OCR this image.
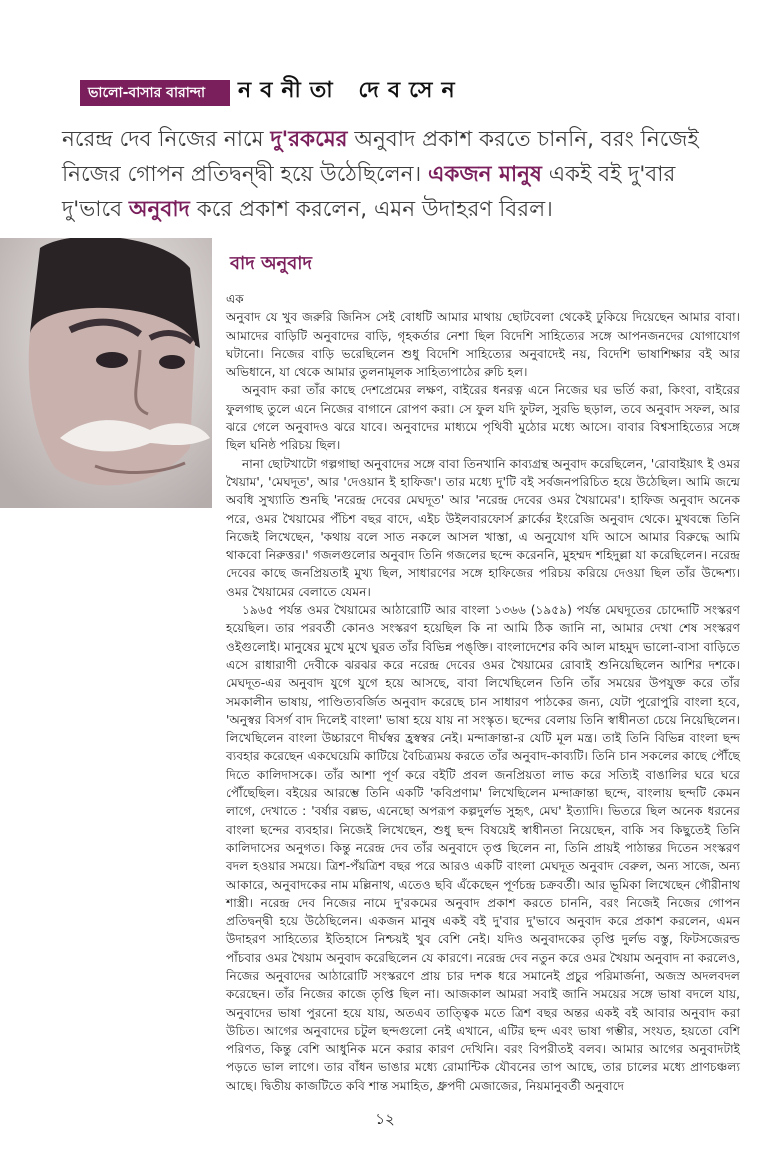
ভালো-বাসার বারান্দা নবনীতা দেবসেন
নরেন্দ্র দেব নিজের নামে দু'রকমের অনুবাদ প্রকাশ করতে চাননি, বরং নিজেই নিজের গোপন প্রতিদ্বন্দ্বী হয়ে উঠেছিলেন। একজন মানুষ একই বই দু'বার দু'ভাবে অনুবাদ করে প্রকাশ করলেন, এমন উদাহরণ বিরল।
বাদ অনুবাদ

এক

অনুবাদ যে খুব জরুরি জিনিস সেই বোধটি আমার মাথায় ছোটবেলা থেকেই ঢুকিয়ে দিয়েছেন আমার বাবা। আমাদের বাড়িটি অনুবাদের বাড়ি, গৃহকর্তার নেশা ছিল বিদেশি সাহিত্যের সঙ্গে আপনজনদের যোগাযোগ ঘটানো। নিজের বাড়ি ভরেছিলেন শুধু বিদেশি সাহিত্যের অনুবাদেই নয়, বিদেশি ভাষাশিক্ষার বই আর অভিধানে, যা থেকে আমার তুলনামূলক সাহিত্যপাঠের রুচি হল।

অনুবাদ করা তাঁর কাছে দেশপ্রেমের লক্ষণ, বাইরের ধনরত্ন এনে নিজের ঘর ভর্তি করা, কিংবা, বাইরের ফুলগাছ তুলে এনে নিজের বাগানে রোপণ করা। সে ফুল যদি ফুটল, সুরভি ছড়াল, তবে অনুবাদ সফল, আর ঝরে গেলে অনুবাদও ঝরে যাবে। অনুবাদের মাধ্যমে পৃথিবী মুঠোর মধ্যে আসে। বাবার বিশ্বসাহিত্যের সঙ্গে ছিল ঘনিষ্ঠ পরিচয় ছিল।

নানা ছোটখাটো গল্পগাছা অনুবাদের সঙ্গে বাবা তিনখানি কাব্যগ্রন্থ অনুবাদ করেছিলেন, 'রোবাইয়াৎ ই ওমর খৈয়াম', 'মেঘদূত', আর 'দেওয়ান ই হাফিজ'। তার মধ্যে দু'টি বই সর্বজনপরিচিত হয়ে উঠেছিল। আমি জন্মে অবধি সুখ্যাতি শুনছি 'নরেন্দ্র দেবের মেঘদূত' আর 'নরেন্দ্র দেবের ওমর খৈয়ামের'। হাফিজ অনুবাদ অনেক পরে, ওমর খৈয়ামের পঁচিশ বছর বাদে, এইচ উইলবারফোর্স ক্লার্কের ইংরেজি অনুবাদ থেকে। মুখবন্ধে তিনি নিজেই লিখেছেন, 'কথায় বলে সাত নকলে আসল খাস্তা, এ অনুযোগ যদি আসে আমার বিরুদ্ধে আমি থাকবো নিরুত্তর।' গজলগুলোর অনুবাদ তিনি গজলের ছন্দে করেননি, মুহম্মদ শহিদুল্লা যা করেছিলেন। নরেন্দ্র দেবের কাছে জনপ্রিয়তাই মুখ্য ছিল, সাধারণের সঙ্গে হাফিজের পরিচয় করিয়ে দেওয়া ছিল তাঁর উদ্দেশ্য। ওমর খৈয়ামের বেলাতে যেমন।

১৯৬৫ পর্যন্ত ওমর খৈয়ামের আঠারোটি আর বাংলা ১৩৬৬ (১৯৫৯) পর্যন্ত মেঘদূতের চোদ্দোটি সংস্করণ হয়েছিল। তার পরবর্তী কোনও সংস্করণ হয়েছিল কি না আমি ঠিক জানি না, আমার দেখা শেষ সংস্করণ ওইগুলোই। মানুষের মুখে মুখে ঘুরত তাঁর বিভিন্ন পঙ্‌ক্তি। বাংলাদেশের কবি আল মাহমুদ ভালো-বাসা বাড়িতে এসে রাধারাণী দেবীকে ঝরঝর করে নরেন্দ্র দেবের ওমর খৈয়ামের রোবাই শুনিয়েছিলেন আশির দশকে। মেঘদূত-এর অনুবাদ যুগে যুগে হয়ে আসছে, বাবা লিখেছিলেন তিনি তাঁর সময়ের উপযুক্ত করে তাঁর সমকালীন ভাষায়, পাণ্ডিত্যবর্জিত অনুবাদ করেছে চান সাধারণ পাঠকের জন্য, যেটা পুরোপুরি বাংলা হবে, 'অনুস্বর বিসর্গ বাদ দিলেই বাংলা' ভাষা হয়ে যায় না সংস্কৃত। ছন্দের বেলায় তিনি স্বাধীনতা চেয়ে নিয়েছিলেন। লিখেছিলেন বাংলা উচ্চারণে দীর্ঘস্বর হ্রস্বস্বর নেই। মন্দাক্রান্তা-র যেটি মূল মন্ত্র। তাই তিনি বিভিন্ন বাংলা ছন্দ ব্যবহার করেছেন একঘেয়েমি কাটিয়ে বৈচিত্র্যময় করতে তাঁর অনুবাদ-কাব্যটি। তিনি চান সকলের কাছে পৌঁছে দিতে কালিদাসকে। তাঁর আশা পূর্ণ করে বইটি প্রবল জনপ্রিয়তা লাভ করে সত্যিই বাঙালির ঘরে ঘরে পৌঁছেছিল। বইয়ের আরম্ভে তিনি একটি 'কবিপ্রণাম' লিখেছিলেন মন্দাক্রান্তা ছন্দে, বাংলায় ছন্দটি কেমন লাগে, দেখাতে : 'বর্ষার বল্লভ, এনেছো অপরূপ কল্পদুর্লভ সুহৃৎ, মেঘ' ইত্যাদি। ভিতরে ছিল অনেক ধরনের বাংলা ছন্দের ব্যবহার। নিজেই লিখেছেন, শুধু ছন্দ বিষয়েই স্বাধীনতা নিয়েছেন, বাকি সব কিছুতেই তিনি কালিদাসের অনুগত। কিন্তু নরেন্দ্র দেব তাঁর অনুবাদে তৃপ্ত ছিলেন না, তিনি প্রায়ই পাঠান্তর দিতেন সংস্করণ বদল হওয়ার সময়ে। ত্রিশ-পঁয়ত্রিশ বছর পরে আরও একটি বাংলা মেঘদূত অনুবাদ বেরুল, অন্য সাজে, অন্য আকারে, অনুবাদকের নাম মল্লিনাথ, এতেও ছবি এঁকেছেন পূর্ণচন্দ্র চক্রবর্তী। আর ভূমিকা লিখেছেন গৌরীনাথ শাস্ত্রী। নরেন্দ্র দেব নিজের নামে দু'রকমের অনুবাদ প্রকাশ করতে চাননি, বরং নিজেই নিজের গোপন প্রতিদ্বন্দ্বী হয়ে উঠেছিলেন। একজন মানুষ একই বই দু'বার দু'ভাবে অনুবাদ করে প্রকাশ করলেন, এমন উদাহরণ সাহিত্যের ইতিহাসে নিশ্চয়ই খুব বেশি নেই। যদিও অনুবাদকের তৃপ্তি দুর্লভ বস্তু, ফিটসজেরল্ড পাঁচবার ওমর খৈয়াম অনুবাদ করেছিলেন যে কারণে। নরেন্দ্র দেব নতুন করে ওমর খৈয়াম অনুবাদ না করলেও, নিজের অনুবাদের আঠারোটি সংস্করণে প্রায় চার দশক ধরে সমানেই প্রচুর পরিমার্জনা, অজস্র অদলবদল করেছেন। তাঁর নিজের কাজে তৃপ্তি ছিল না। আজকাল আমরা সবাই জানি সময়ের সঙ্গে ভাষা বদলে যায়, অনুবাদের ভাষা পুরনো হয়ে যায়, অতএব তাত্ত্বিক মতে ত্রিশ বছর অন্তর একই বই আবার অনুবাদ করা উচিত। আগের অনুবাদের চটুল ছন্দগুলো নেই এখানে, এটির ছন্দ এবং ভাষা গম্ভীর, সংযত, হয়তো বেশি পরিণত, কিন্তু বেশি আধুনিক মনে করার কারণ দেখিনি। বরং বিপরীতই বলব। আমার আগের অনুবাদটাই পড়তে ভাল লাগে। তার বাঁধন ভাঙার মধ্যে রোমান্টিক যৌবনের তাপ আছে, তার চালের মধ্যে প্রাণচঞ্চল্য আছে। দ্বিতীয় কাজটিতে কবি শান্ত সমাহিত, ধ্রুপদী মেজাজের, নিয়মানুবর্তী অনুবাদে

১২
